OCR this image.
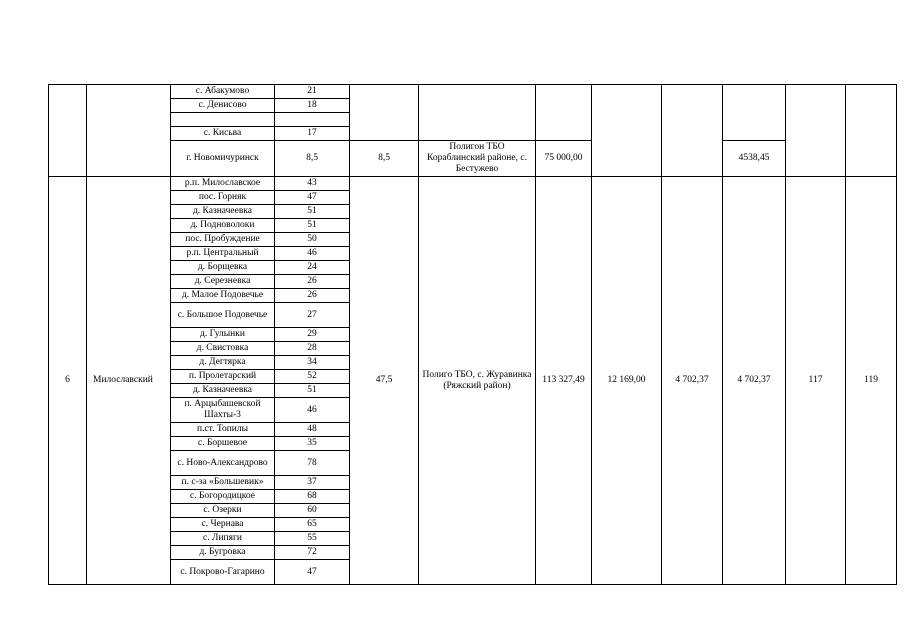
		с. Абакумово	21								
		с. Денисово	18								

		с. Кисьва	17								
		г. Новомичуринск	8,5	8,5	Полигон ТБО Кораблинский районе, с. Бестужево	75 000,00			4538,45		
6	Милославский	р.п. Милославское	43	47,5	Полиго ТБО, с. Журавинка (Ряжский район)	113 327,49	12 169,00	4 702,37	4 702,37	117	119
		пос. Горняк	47								
		д. Казначеевка	51								
		д. Подноволоки	51								
		пос. Пробуждение	50								
		р.п. Центральный	46								
		д. Борщевка	24								
		д. Серезневка	26								
		д. Малое Подовечье	26								
		с. Большое Подовечье	27								
		д. Гулынки	29								
		д. Свистовка	28								
		д. Дегтярка	34								
		п. Пролетарский	52								
		д. Казначеевка	51								
		п. Арцыбашевской Шахты-3	46								
		п.ст. Топилы	48								
		с. Боршевое	35								
		с. Ново-Александрово	78								
		п. с-за «Большевик»	37								
		с. Богородицкое	68								
		с. Озерки	60								
		с. Чернава	65								
		с. Липяги	55								
		д. Бугровка	72								
		с. Покрово-Гагарино	47								
